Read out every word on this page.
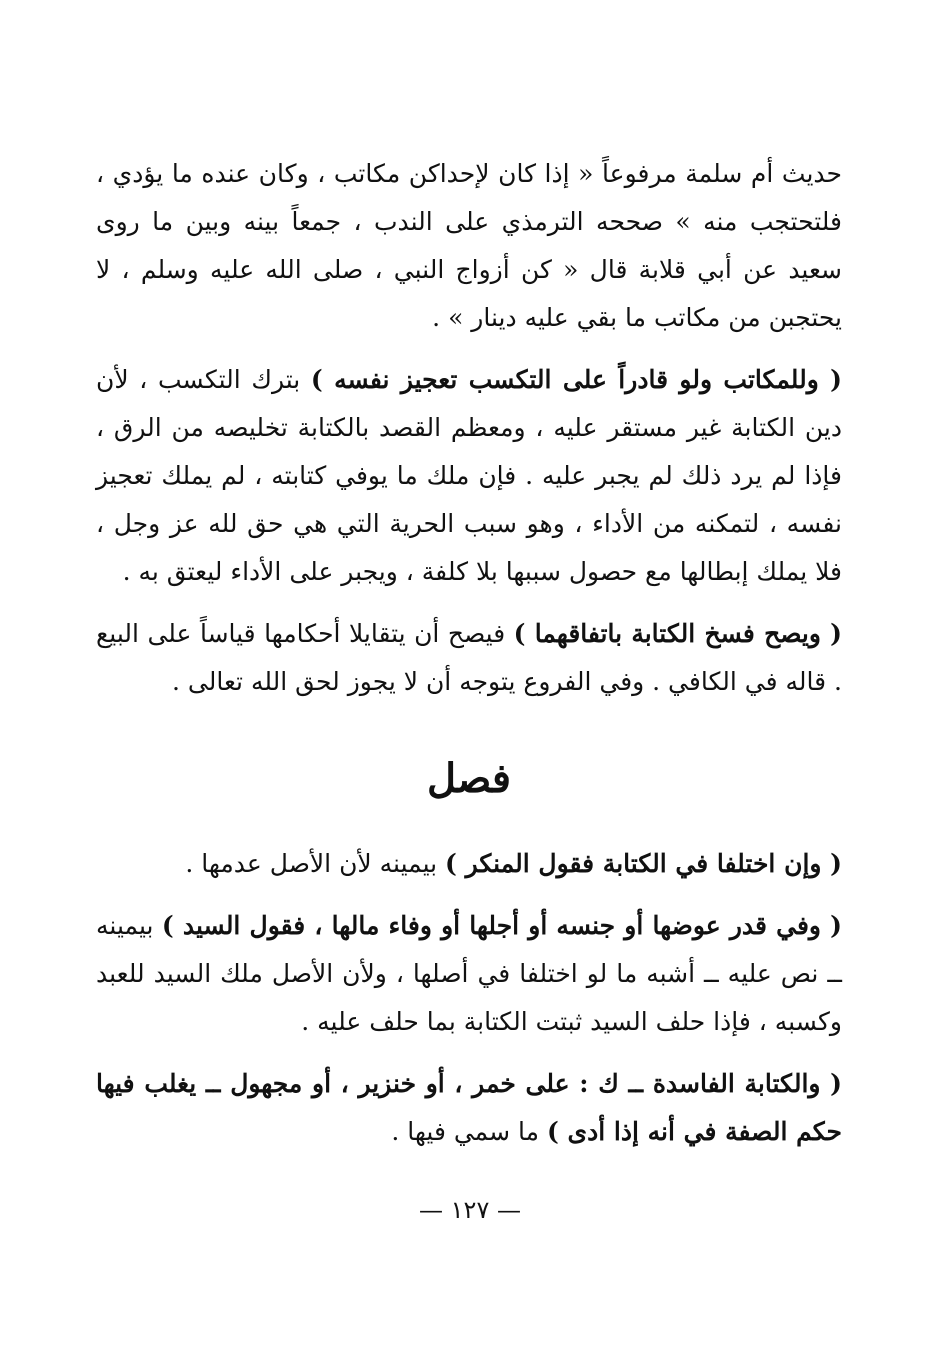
حديث أم سلمة مرفوعاً « إذا كان لإحداكن مكاتب ، وكان عنده ما يؤدي ، فلتحتجب منه » صححه الترمذي على الندب ، جمعاً بينه وبين ما روى سعيد عن أبي قلابة قال « كن أزواج النبي ، صلى الله عليه وسلم ، لا يحتجبن من مكاتب ما بقي عليه دينار » .

( وللمكاتب ولو قادراً على التكسب تعجيز نفسه ) بترك التكسب ، لأن دين الكتابة غير مستقر عليه ، ومعظم القصد بالكتابة تخليصه من الرق ، فإذا لم يرد ذلك لم يجبر عليه . فإن ملك ما يوفي كتابته ، لم يملك تعجيز نفسه ، لتمكنه من الأداء ، وهو سبب الحرية التي هي حق لله عز وجل ، فلا يملك إبطالها مع حصول سببها بلا كلفة ، ويجبر على الأداء ليعتق به .

( ويصح فسخ الكتابة باتفاقهما ) فيصح أن يتقايلا أحكامها قياساً على البيع . قاله في الكافي . وفي الفروع يتوجه أن لا يجوز لحق الله تعالى .

فصل

( وإن اختلفا في الكتابة فقول المنكر ) بيمينه لأن الأصل عدمها .

( وفي قدر عوضها أو جنسه أو أجلها أو وفاء مالها ، فقول السيد ) بيمينه ــ نص عليه ــ أشبه ما لو اختلفا في أصلها ، ولأن الأصل ملك السيد للعبد وكسبه ، فإذا حلف السيد ثبتت الكتابة بما حلف عليه .

( والكتابة الفاسدة ــ ك : على خمر ، أو خنزير ، أو مجهول ــ يغلب فيها حكم الصفة في أنه إذا أدى ) ما سمي فيها .

— ١٢٧ —
